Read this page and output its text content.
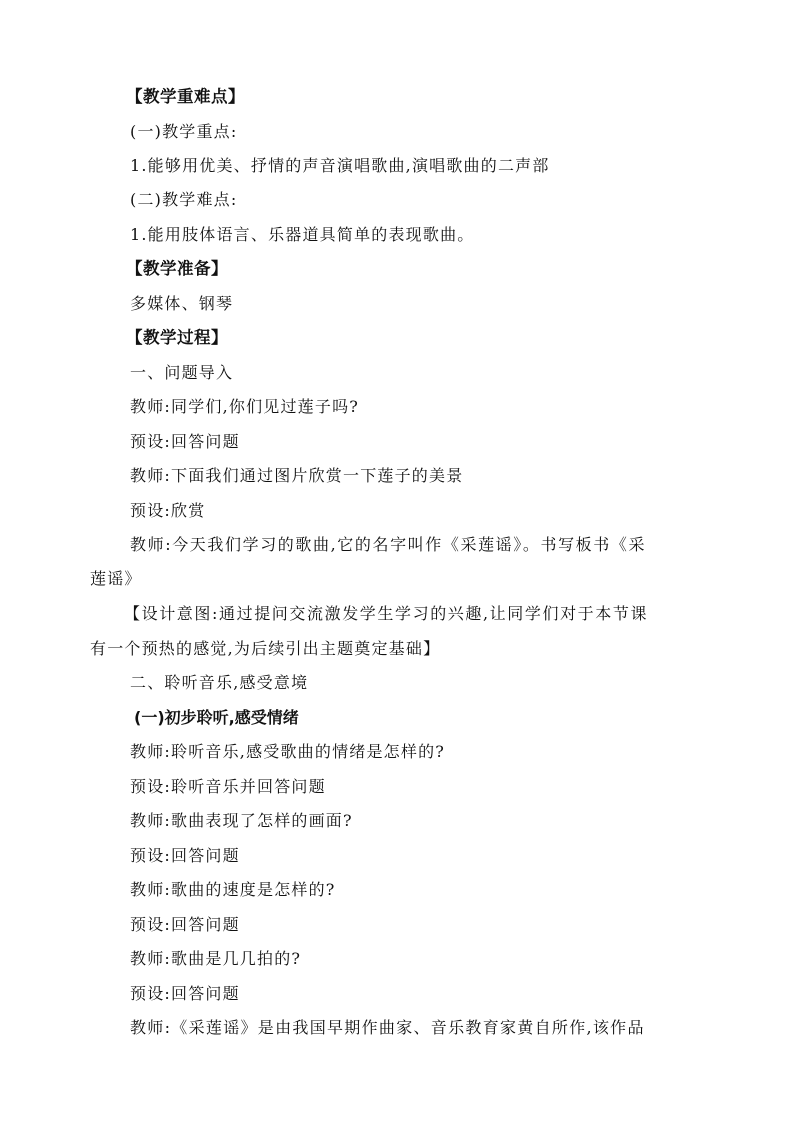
【教学重难点】
(一)教学重点:
1.能够用优美、抒情的声音演唱歌曲,演唱歌曲的二声部
(二)教学难点:
1.能用肢体语言、乐器道具简单的表现歌曲。
【教学准备】
多媒体、钢琴
【教学过程】
一、问题导入
教师:同学们,你们见过莲子吗?
预设:回答问题
教师:下面我们通过图片欣赏一下莲子的美景
预设:欣赏
教师:今天我们学习的歌曲,它的名字叫作《采莲谣》。书写板书《采
莲谣》
【设计意图:通过提问交流激发学生学习的兴趣,让同学们对于本节课
有一个预热的感觉,为后续引出主题奠定基础】
二、聆听音乐,感受意境
(一)初步聆听,感受情绪
教师:聆听音乐,感受歌曲的情绪是怎样的?
预设:聆听音乐并回答问题
教师:歌曲表现了怎样的画面?
预设:回答问题
教师:歌曲的速度是怎样的?
预设:回答问题
教师:歌曲是几几拍的?
预设:回答问题
教师:《采莲谣》是由我国早期作曲家、音乐教育家黄自所作,该作品
